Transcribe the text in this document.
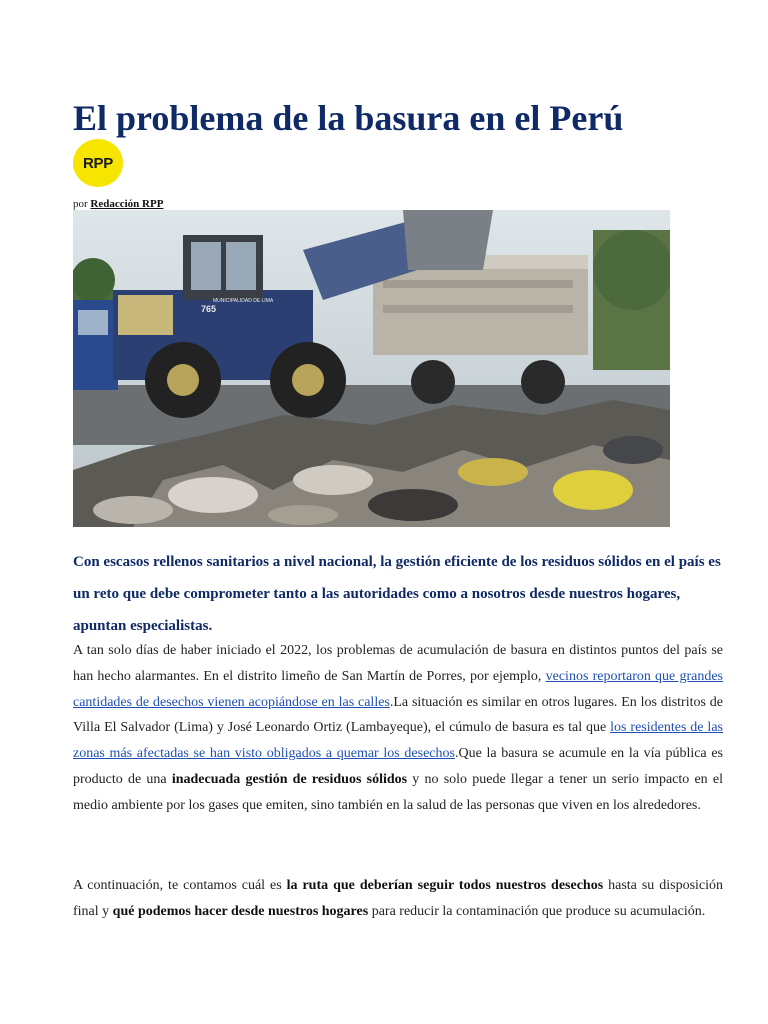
El problema de la basura en el Perú
RPP
por Redacción RPP
765
MUNICIPALIDAD DE LIMA

Con escasos rellenos sanitarios a nivel nacional, la gestión eficiente de los residuos sólidos en el país es un reto que debe comprometer tanto a las autoridades como a nosotros desde nuestros hogares, apuntan especialistas.

A tan solo días de haber iniciado el 2022, los problemas de acumulación de basura en distintos puntos del país se han hecho alarmantes. En el distrito limeño de San Martín de Porres, por ejemplo, vecinos reportaron que grandes cantidades de desechos vienen acopiándose en las calles.La situación es similar en otros lugares. En los distritos de Villa El Salvador (Lima) y José Leonardo Ortiz (Lambayeque), el cúmulo de basura es tal que los residentes de las zonas más afectadas se han visto obligados a quemar los desechos.Que la basura se acumule en la vía pública es producto de una inadecuada gestión de residuos sólidos y no solo puede llegar a tener un serio impacto en el medio ambiente por los gases que emiten, sino también en la salud de las personas que viven en los alrededores.

A continuación, te contamos cuál es la ruta que deberían seguir todos nuestros desechos hasta su disposición final y qué podemos hacer desde nuestros hogares para reducir la contaminación que produce su acumulación.
